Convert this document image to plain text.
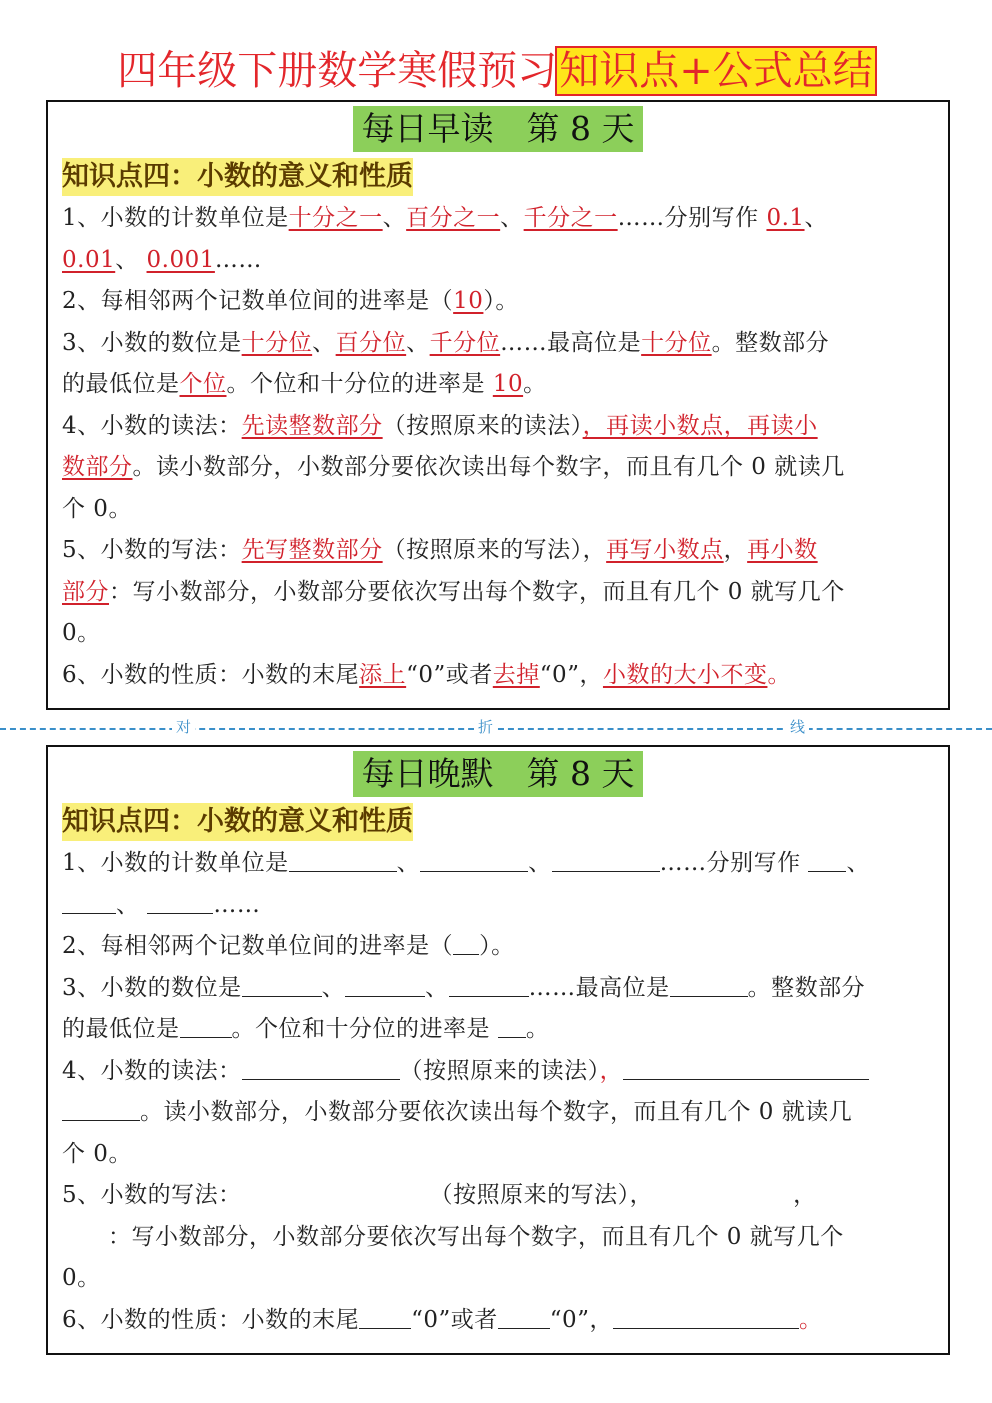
四年级下册数学寒假预习知识点+公式总结
每日早读　第 8 天
知识点四：小数的意义和性质

1、小数的计数单位是十分之一、百分之一、千分之一……分别写作 0.1、

0.01、 0.001……

2、每相邻两个记数单位间的进率是（10）。

3、小数的数位是十分位、百分位、千分位……最高位是十分位。整数部分

的最低位是个位。个位和十分位的进率是 10。

4、小数的读法：先读整数部分（按照原来的读法），再读小数点，再读小

数部分。读小数部分，小数部分要依次读出每个数字，而且有几个 0 就读几

个 0。

5、小数的写法：先写整数部分（按照原来的写法），再写小数点，再小数

部分：写小数部分，小数部分要依次写出每个数字，而且有几个 0 就写几个

0。

6、小数的性质：小数的末尾添上“0”或者去掉“0”，小数的大小不变。

对	折	线
每日晚默　第 8 天
知识点四：小数的意义和性质

1、小数的计数单位是	、	、	……分别写作 、

、	……

2、每相邻两个记数单位间的进率是（ ）。

3、小数的数位是	、	、	……最高位是	。整数部分

的最低位是 。个位和十分位的进率是 。

4、小数的读法：	（按照原来的读法），

。读小数部分，小数部分要依次读出每个数字，而且有几个 0 就读几

个 0。

5、小数的写法：	（按照原来的写法），	，

：写小数部分，小数部分要依次写出每个数字，而且有几个 0 就写几个

0。

6、小数的性质：小数的末尾 “0”或者 “0”，	。
